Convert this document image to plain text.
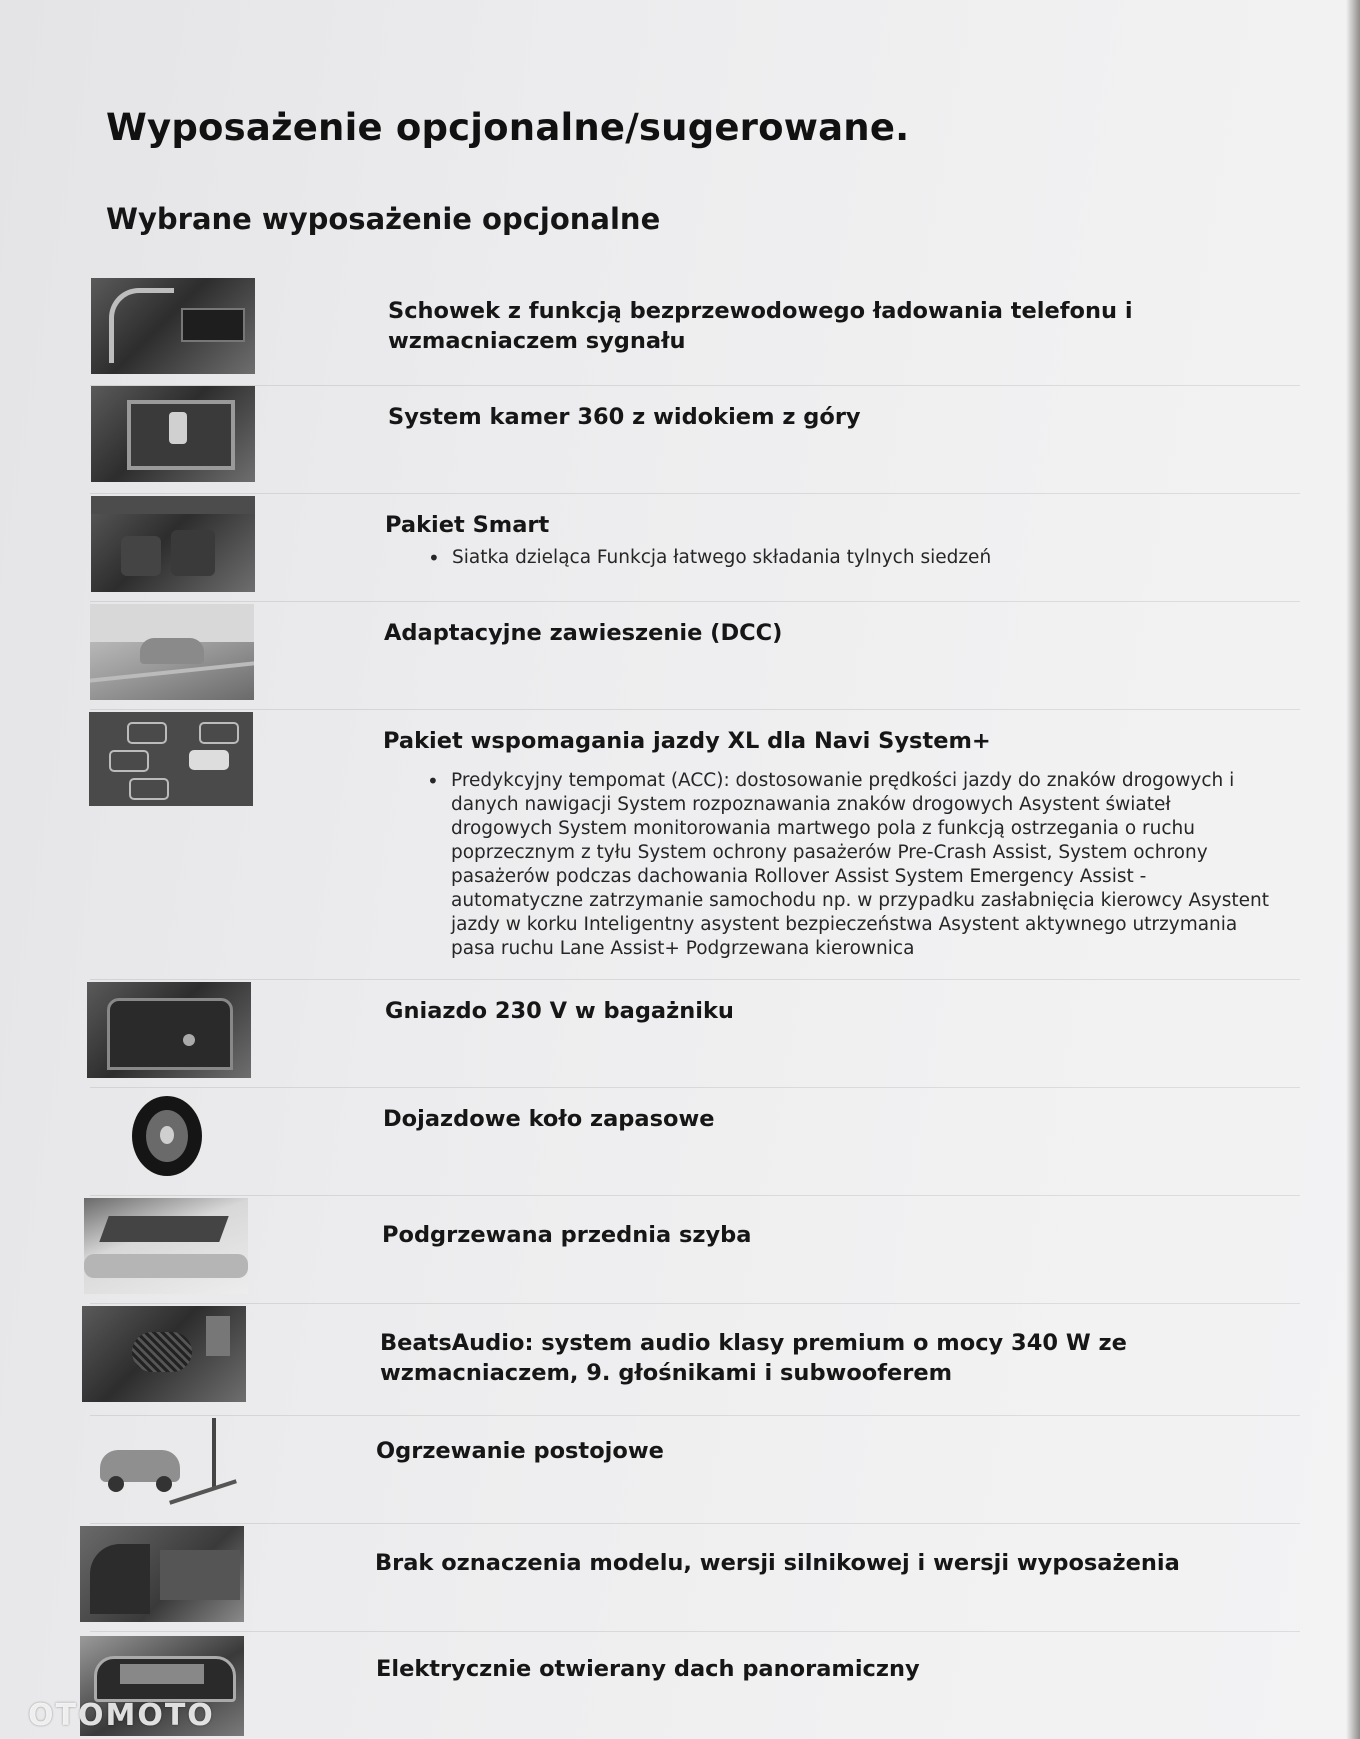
Wyposażenie opcjonalne/sugerowane.
Wybrane wyposażenie opcjonalne

Schowek z funkcją bezprzewodowego ładowania telefonu i wzmacniaczem sygnału

System kamer 360 z widokiem z góry

Pakiet Smart

• Siatka dzieląca Funkcja łatwego składania tylnych siedzeń

Adaptacyjne zawieszenie (DCC)

Pakiet wspomagania jazdy XL dla Navi System+

• Predykcyjny tempomat (ACC): dostosowanie prędkości jazdy do znaków drogowych i danych nawigacji System rozpoznawania znaków drogowych Asystent świateł drogowych System monitorowania martwego pola z funkcją ostrzegania o ruchu poprzecznym z tyłu System ochrony pasażerów Pre-Crash Assist, System ochrony pasażerów podczas dachowania Rollover Assist System Emergency Assist - automatyczne zatrzymanie samochodu np. w przypadku zasłabnięcia kierowcy Asystent jazdy w korku Inteligentny asystent bezpieczeństwa Asystent aktywnego utrzymania pasa ruchu Lane Assist+ Podgrzewana kierownica

Gniazdo 230 V w bagażniku

Dojazdowe koło zapasowe

Podgrzewana przednia szyba

BeatsAudio: system audio klasy premium o mocy 340 W ze wzmacniaczem, 9. głośnikami i subwooferem

Ogrzewanie postojowe

Brak oznaczenia modelu, wersji silnikowej i wersji wyposażenia

Elektrycznie otwierany dach panoramiczny

OTOMOTO
